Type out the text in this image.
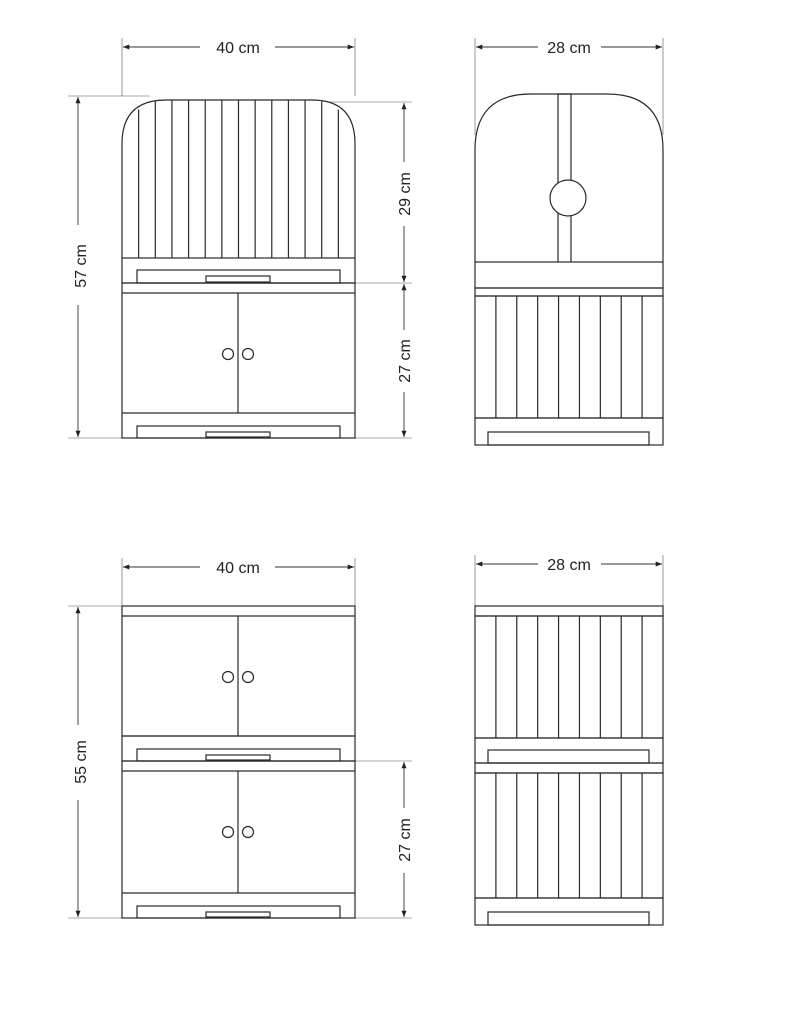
40 cm
57 cm
29 cm
27 cm
28 cm
40 cm
55 cm
27 cm
28 cm
